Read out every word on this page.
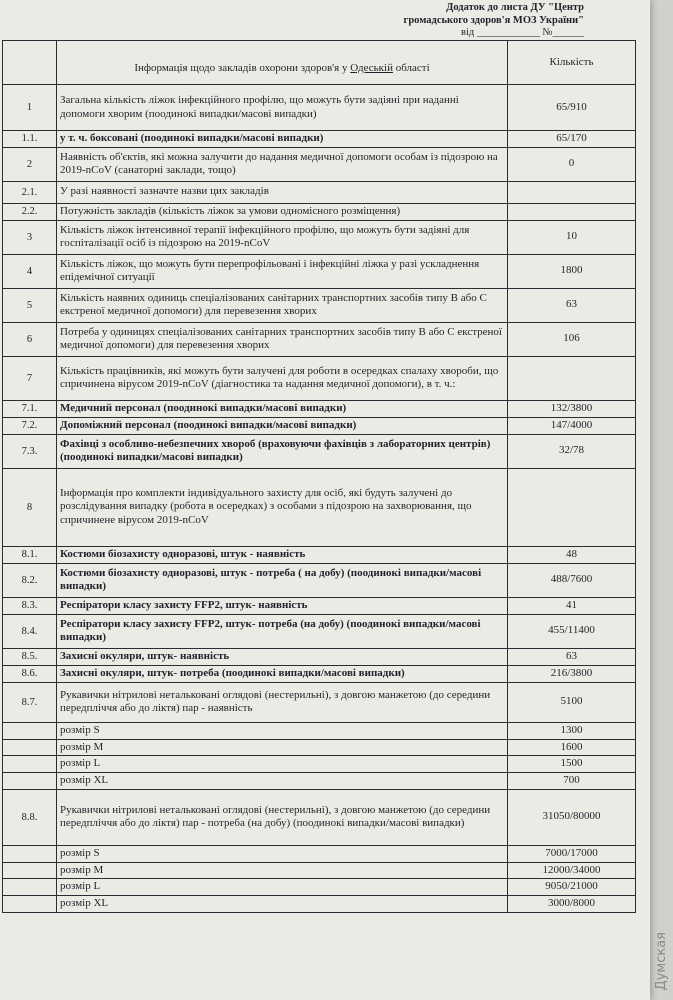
Додаток до листа ДУ "Центр
громадського здоров'я МОЗ України"
від ____________ №______
	Інформація щодо закладів охорони здоров'я у Одеській області	Кількість
1	Загальна кількість ліжок інфекційного профілю, що можуть бути задіяні при наданні допомоги хворим (поодинокі випадки/масові випадки)	65/910
1.1.	у т. ч. боксовані (поодинокі випадки/масові випадки)	65/170
2	Наявність об'єктів, які можна залучити до надання медичної допомоги особам із підозрою на 2019-nCoV (санаторні заклади, тощо)	0
2.1.	У разі наявності зазначте назви цих закладів	
2.2.	Потужність закладів (кількість ліжок за умови одномісного розміщення)	
3	Кількість ліжок інтенсивної терапії інфекційного профілю, що можуть бути задіяні для госпіталізації осіб із підозрою на 2019-nCoV	10
4	Кількість ліжок, що можуть бути перепрофільовані і інфекційні ліжка у разі ускладнення епідемічної ситуації	1800
5	Кількість наявних одиниць спеціалізованих санітарних транспортних засобів типу В або С екстреної медичної допомоги) для перевезення хворих	63
6	Потреба у одиницях спеціалізованих санітарних транспортних засобів типу В або С екстреної медичної допомоги) для перевезення хворих	106
7	Кількість працівників, які можуть бути залучені для роботи в осередках спалаху хвороби, що спричинена вірусом 2019-nCoV (діагностика та надання медичної допомоги), в т. ч.:	
7.1.	Медичний персонал (поодинокі випадки/масові випадки)	132/3800
7.2.	Допоміжний персонал (поодинокі випадки/масові випадки)	147/4000
7.3.	Фахівці з особливо-небезпечних хвороб (враховуючи фахівців з лабораторних центрів) (поодинокі випадки/масові випадки)	32/78
8	Інформація про комплекти індивідуального захисту для осіб, які будуть залучені до розслідування випадку (робота в осередках) з особами з підозрою на захворювання, що спричинене вірусом 2019-nCoV	
8.1.	Костюми біозахисту одноразові, штук - наявність	48
8.2.	Костюми біозахисту одноразові, штук - потреба ( на добу) (поодинокі випадки/масові випадки)	488/7600
8.3.	Респіратори класу захисту FFP2, штук- наявність	41
8.4.	Респіратори класу захисту FFP2, штук- потреба (на добу) (поодинокі випадки/масові випадки)	455/11400
8.5.	Захисні окуляри, штук- наявність	63
8.6.	Захисні окуляри, штук- потреба (поодинокі випадки/масові випадки)	216/3800
8.7.	Рукавички нітрилові неталькованi оглядові (нестерильні), з довгою манжетою (до середини передпліччя або до ліктя) пар - наявність	5100
	розмір S	1300
	розмір M	1600
	розмір L	1500
	розмір XL	700
8.8.	Рукавички нітрилові неталькованi оглядові (нестерильні), з довгою манжетою (до середини передпліччя або до ліктя) пар - потреба (на добу) (поодинокі випадки/масові випадки)	31050/80000
	розмір S	7000/17000
	розмір M	12000/34000
	розмір L	9050/21000
	розмір XL	3000/8000
Думская
